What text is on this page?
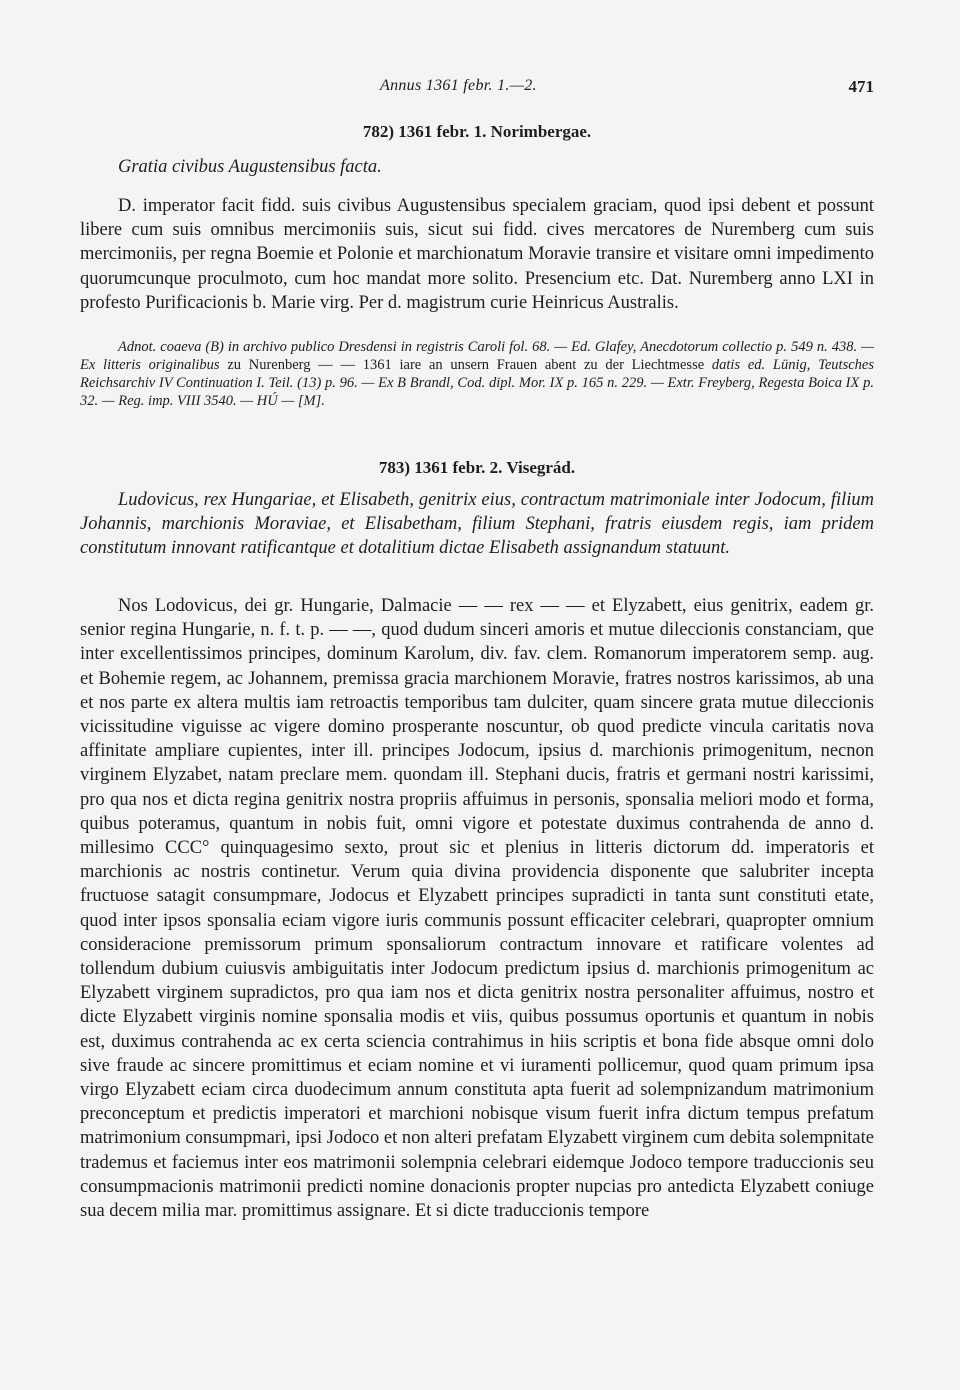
Annus 1361 febr. 1.—2.	471
782) 1361 febr. 1. Norimbergae.
Gratia civibus Augustensibus facta.

D. imperator facit fidd. suis civibus Augustensibus specialem graciam, quod ipsi debent et possunt libere cum suis omnibus mercimoniis suis, sicut sui fidd. cives mercatores de Nuremberg cum suis mercimoniis, per regna Boemie et Polonie et marchionatum Moravie transire et visitare omni impedimento quorumcunque proculmoto, cum hoc mandat more solito. Presencium etc. Dat. Nuremberg anno LXI in profesto Purificacionis b. Marie virg. Per d. magistrum curie Heinricus Australis.

Adnot. coaeva (B) in archivo publico Dresdensi in registris Caroli fol. 68. — Ed. Glafey, Anecdotorum collectio p. 549 n. 438. — Ex litteris originalibus zu Nurenberg — — 1361 iare an unsern Frauen abent zu der Liechtmesse datis ed. Lünig, Teutsches Reichsarchiv IV Continuation I. Teil. (13) p. 96. — Ex B Brandl, Cod. dipl. Mor. IX p. 165 n. 229. — Extr. Freyberg, Regesta Boica IX p. 32. — Reg. imp. VIII 3540. — HÚ — [M].

783) 1361 febr. 2. Visegrád.

Ludovicus, rex Hungariae, et Elisabeth, genitrix eius, contractum matrimoniale inter Jodocum, filium Johannis, marchionis Moraviae, et Elisabetham, filium Stephani, fratris eiusdem regis, iam pridem constitutum innovant ratificantque et dotalitium dictae Elisabeth assignandum statuunt.

Nos Lodovicus, dei gr. Hungarie, Dalmacie — — rex — — et Elyzabett, eius genitrix, eadem gr. senior regina Hungarie, n. f. t. p. — —, quod dudum sinceri amoris et mutue dileccionis constanciam, que inter excellentissimos principes, dominum Karolum, div. fav. clem. Romanorum imperatorem semp. aug. et Bohemie regem, ac Johannem, premissa gracia marchionem Moravie, fratres nostros karissimos, ab una et nos parte ex altera multis iam retroactis temporibus tam dulciter, quam sincere grata mutue dileccionis vicissitudine viguisse ac vigere domino prosperante noscuntur, ob quod predicte vincula caritatis nova affinitate ampliare cupientes, inter ill. principes Jodocum, ipsius d. marchionis primogenitum, necnon virginem Elyzabet, natam preclare mem. quondam ill. Stephani ducis, fratris et germani nostri karissimi, pro qua nos et dicta regina genitrix nostra propriis affuimus in personis, sponsalia meliori modo et forma, quibus poteramus, quantum in nobis fuit, omni vigore et potestate duximus contrahenda de anno d. millesimo CCC° quinquagesimo sexto, prout sic et plenius in litteris dictorum dd. imperatoris et marchionis ac nostris continetur. Verum quia divina providencia disponente que salubriter incepta fructuose satagit consumpmare, Jodocus et Elyzabett principes supradicti in tanta sunt constituti etate, quod inter ipsos sponsalia eciam vigore iuris communis possunt efficaciter celebrari, quapropter omnium consideracione premissorum primum sponsaliorum contractum innovare et ratificare volentes ad tollendum dubium cuiusvis ambiguitatis inter Jodocum predictum ipsius d. marchionis primogenitum ac Elyzabett virginem supradictos, pro qua iam nos et dicta genitrix nostra personaliter affuimus, nostro et dicte Elyzabett virginis nomine sponsalia modis et viis, quibus possumus oportunis et quantum in nobis est, duximus contrahenda ac ex certa sciencia contrahimus in hiis scriptis et bona fide absque omni dolo sive fraude ac sincere promittimus et eciam nomine et vi iuramenti pollicemur, quod quam primum ipsa virgo Elyzabett eciam circa duodecimum annum constituta apta fuerit ad solempnizandum matrimonium preconceptum et predictis imperatori et marchioni nobisque visum fuerit infra dictum tempus prefatum matrimonium consumpmari, ipsi Jodoco et non alteri prefatam Elyzabett virginem cum debita solempnitate trademus et faciemus inter eos matrimonii solempnia celebrari eidemque Jodoco tempore traduccionis seu consumpmacionis matrimonii predicti nomine donacionis propter nupcias pro antedicta Elyzabett coniuge sua decem milia mar. promittimus assignare. Et si dicte traduccionis tempore
